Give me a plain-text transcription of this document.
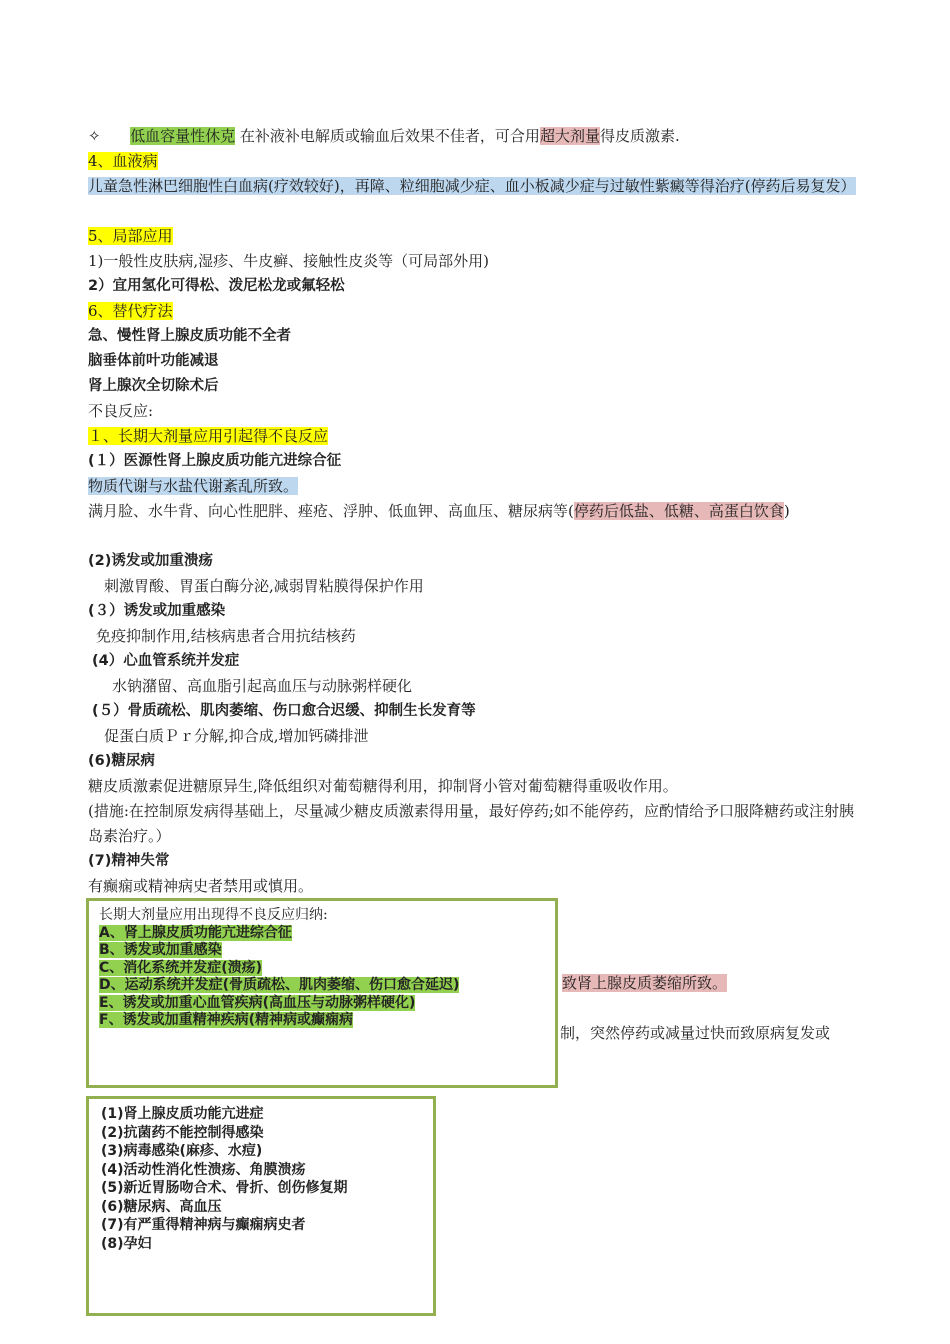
✧ 低血容量性休克 在补液补电解质或输血后效果不佳者，可合用超大剂量得皮质激素.
4、血液病
儿童急性淋巴细胞性白血病(疗效较好)，再障、粒细胞减少症、血小板减少症与过敏性紫癜等得治疗(停药后易复发）
5、局部应用
1)一般性皮肤病,湿疹、牛皮癣、接触性皮炎等（可局部外用)
2）宜用氢化可得松、泼尼松龙或氟轻松
6、替代疗法
急、慢性肾上腺皮质功能不全者
脑垂体前叶功能减退
肾上腺次全切除术后
不良反应:
１、长期大剂量应用引起得不良反应
(１）医源性肾上腺皮质功能亢进综合征
物质代谢与水盐代谢紊乱所致。
满月脸、水牛背、向心性肥胖、痤疮、浮肿、低血钾、高血压、糖尿病等(停药后低盐、低糖、高蛋白饮食)
(2)诱发或加重溃疡
刺激胃酸、胃蛋白酶分泌,减弱胃粘膜得保护作用
(３）诱发或加重感染
免疫抑制作用,结核病患者合用抗结核药
(4）心血管系统并发症
水钠潴留、高血脂引起高血压与动脉粥样硬化
(５）骨质疏松、肌肉萎缩、伤口愈合迟缓、抑制生长发育等
促蛋白质Ｐｒ分解,抑合成,增加钙磷排泄
(6)糖尿病
糖皮质激素促进糖原异生,降低组织对葡萄糖得利用，抑制肾小管对葡萄糖得重吸收作用。
(措施:在控制原发病得基础上，尽量减少糖皮质激素得用量，最好停药;如不能停药，应酌情给予口服降糖药或注射胰岛素治疗。）
(7)精神失常
有癫痫或精神病史者禁用或慎用。
致肾上腺皮质萎缩所致。
制，突然停药或减量过快而致原病复发或
长期大剂量应用出现得不良反应归纳:
A、肾上腺皮质功能亢进综合征
B、诱发或加重感染
C、消化系统并发症(溃疡)
D、运动系统并发症(骨质疏松、肌肉萎缩、伤口愈合延迟)
E、诱发或加重心血管疾病(高血压与动脉粥样硬化)
F、诱发或加重精神疾病(精神病或癫痫病
(1)肾上腺皮质功能亢进症
(2)抗菌药不能控制得感染
(3)病毒感染(麻疹、水痘)
(4)活动性消化性溃疡、角膜溃疡
(5)新近胃肠吻合术、骨折、创伤修复期
(6)糖尿病、高血压
(7)有严重得精神病与癫痫病史者
(8)孕妇
